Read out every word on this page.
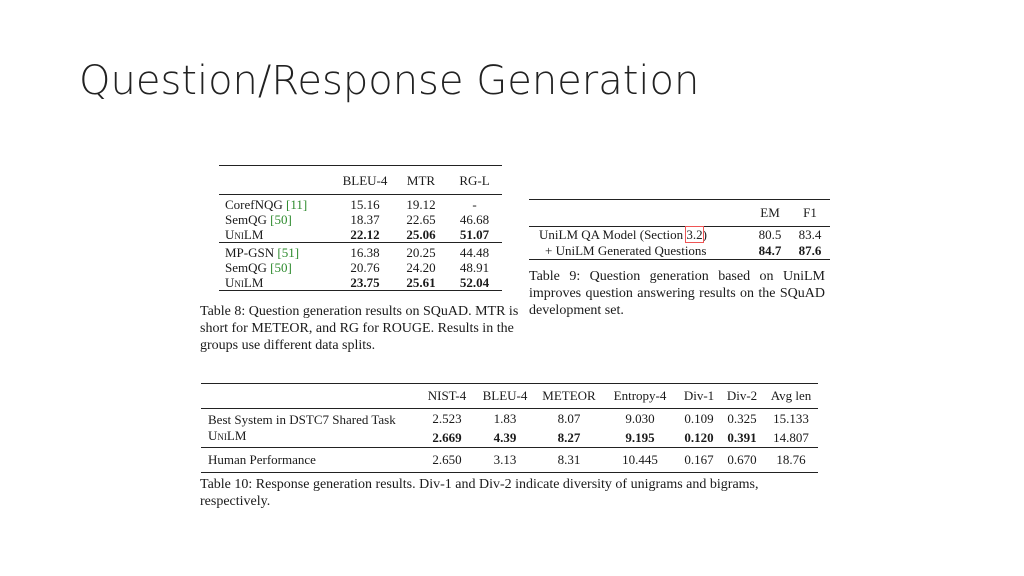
Question/Response Generation
	BLEU-4	MTR	RG-L
CorefNQG [11]	15.16	19.12	-
SemQG [50]	18.37	22.65	46.68
UniLM	22.12	25.06	51.07
MP-GSN [51]	16.38	20.25	44.48
SemQG [50]	20.76	24.20	48.91
UniLM	23.75	25.61	52.04
Table 8: Question generation results on SQuAD. MTR is short for METEOR, and RG for ROUGE. Results in the groups use different data splits.
	EM	F1
UniLM QA Model (Section 3.2)	80.5	83.4
+ UniLM Generated Questions	84.7	87.6
Table 9: Question generation based on UniLM improves question answering results on the SQuAD development set.
	NIST-4	BLEU-4	METEOR	Entropy-4	Div-1	Div-2	Avg len
Best System in DSTC7 Shared Task	2.523	1.83	8.07	9.030	0.109	0.325	15.133
UniLM	2.669	4.39	8.27	9.195	0.120	0.391	14.807
Human Performance	2.650	3.13	8.31	10.445	0.167	0.670	18.76
Table 10: Response generation results. Div-1 and Div-2 indicate diversity of unigrams and bigrams, respectively.
